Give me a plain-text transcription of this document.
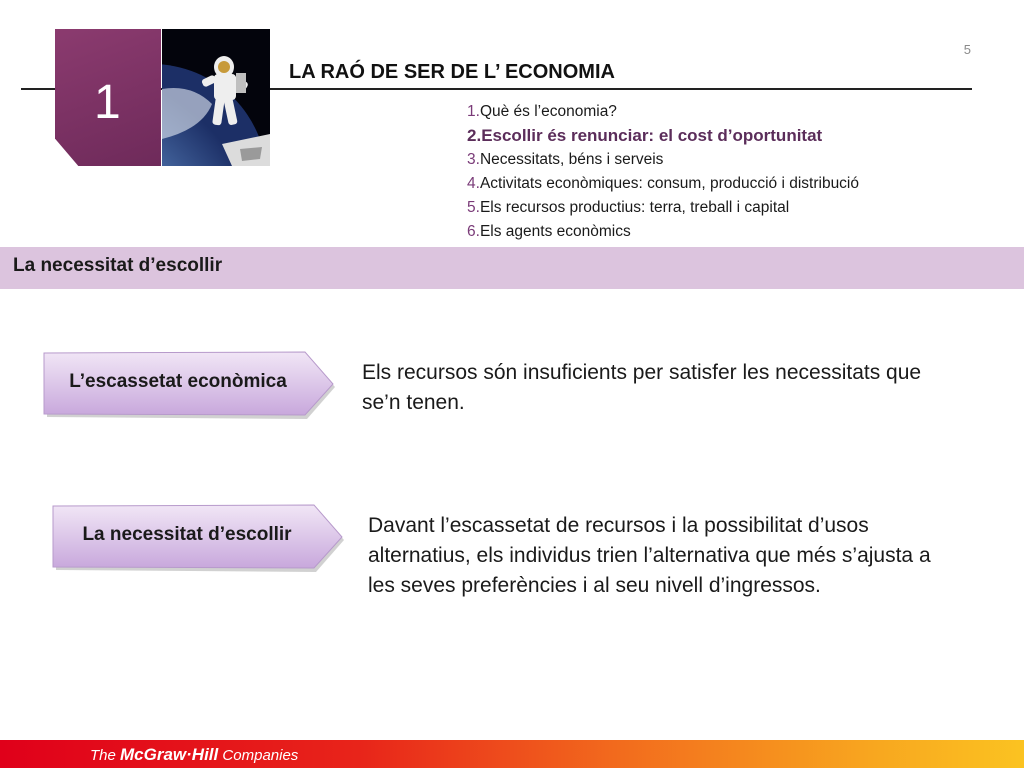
5
1
LA RAÓ DE SER DE L’ ECONOMIA
1.Què és l’economia?
2.Escollir és renunciar: el cost d’oportunitat
3.Necessitats, béns i serveis
4.Activitats econòmiques: consum, producció i distribució
5.Els recursos productius: terra, treball i capital
6.Els agents econòmics
La necessitat d’escollir
L’escassetat econòmica	Els recursos són insuficients per satisfer les necessitats que se’n tenen.
La necessitat d’escollir	Davant l’escassetat de recursos i la possibilitat d’usos alternatius, els individus trien l’alternativa que més s’ajusta a les seves preferències i al seu nivell d’ingressos.
The McGraw·Hill Companies
